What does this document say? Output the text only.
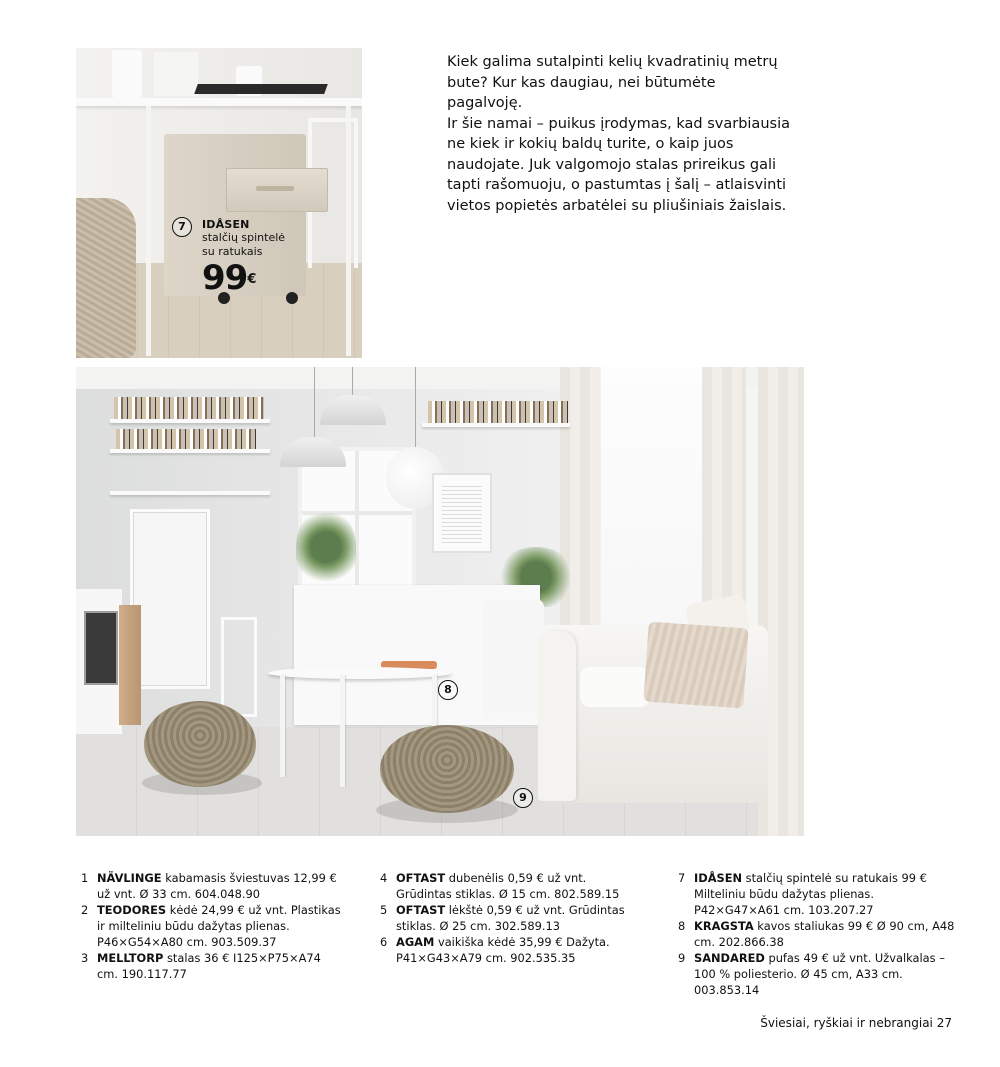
7	IDÅSEN
stalčių spintelė
su ratukais
99€
Kiek galima sutalpinti kelių kvadratinių metrų
bute? Kur kas daugiau, nei būtumėte pagalvoję.
Ir šie namai – puikus įrodymas, kad svarbiausia
ne kiek ir kokių baldų turite, o kaip juos
naudojate. Juk valgomojo stalas prireikus gali
tapti rašomuoju, o pastumtas į šalį – atlaisvinti
vietos popietės arbatėlei su pliušiniais žaislais.
8
9

1 NÄVLINGE kabamasis šviestuvas 12,99 € už vnt. Ø 33 cm. 604.048.90

2 TEODORES kėdė 24,99 € už vnt. Plastikas ir milteliniu būdu dažytas plienas. P46×G54×A80 cm. 903.509.37

3 MELLTORP stalas 36 € I125×P75×A74 cm. 190.117.77

4 OFTAST dubenėlis 0,59 € už vnt. Grūdintas stiklas. Ø 15 cm. 802.589.15

5 OFTAST lėkštė 0,59 € už vnt. Grūdintas stiklas. Ø 25 cm. 302.589.13

6 AGAM vaikiška kėdė 35,99 € Dažyta. P41×G43×A79 cm. 902.535.35

7 IDÅSEN stalčių spintelė su ratukais 99 € Milteliniu būdu dažytas plienas. P42×G47×A61 cm. 103.207.27

8 KRAGSTA kavos staliukas 99 € Ø 90 cm, A48 cm. 202.866.38

9 SANDARED pufas 49 € už vnt. Užvalkalas – 100 % poliesterio. Ø 45 cm, A33 cm. 003.853.14

Šviesiai, ryškiai ir nebrangiai 27
